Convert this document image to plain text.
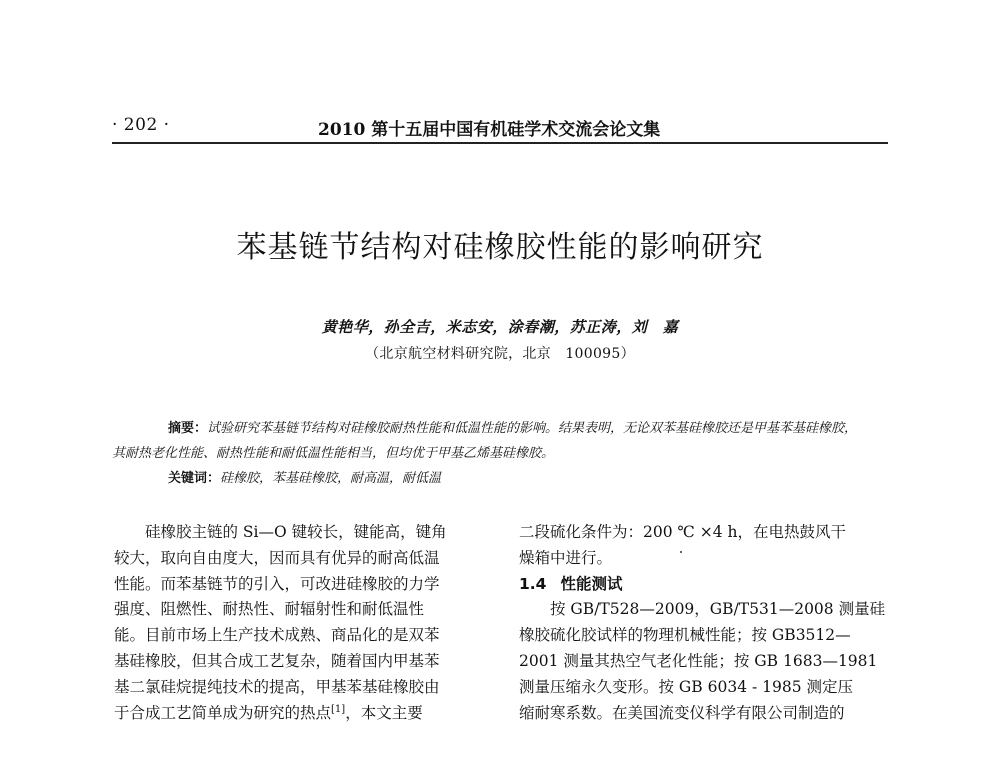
· 202 ·	2010 第十五届中国有机硅学术交流会论文集
苯基链节结构对硅橡胶性能的影响研究
黄艳华，孙全吉，米志安，涂春潮，苏正涛，刘　嘉
（北京航空材料研究院，北京　100095）
摘要：试验研究苯基链节结构对硅橡胶耐热性能和低温性能的影响。结果表明，无论双苯基硅橡胶还是甲基苯基硅橡胶，其耐热老化性能、耐热性能和耐低温性能相当，但均优于甲基乙烯基硅橡胶。
关键词：硅橡胶，苯基硅橡胶，耐高温，耐低温
硅橡胶主链的 Si—O 键较长，键能高，键角
较大，取向自由度大，因而具有优异的耐高低温
性能。而苯基链节的引入，可改进硅橡胶的力学
强度、阻燃性、耐热性、耐辐射性和耐低温性
能。目前市场上生产技术成熟、商品化的是双苯
基硅橡胶，但其合成工艺复杂，随着国内甲基苯
基二氯硅烷提纯技术的提高，甲基苯基硅橡胶由
于合成工艺简单成为研究的热点[1]，本文主要
二段硫化条件为：200 ℃ ×4 h，在电热鼓风干
燥箱中进行。
1.4 性能测试
按 GB/T528—2009，GB/T531—2008 测量硅
橡胶硫化胶试样的物理机械性能；按 GB3512—
2001 测量其热空气老化性能；按 GB 1683—1981
测量压缩永久变形。按 GB 6034 - 1985 测定压
缩耐寒系数。在美国流变仪科学有限公司制造的
